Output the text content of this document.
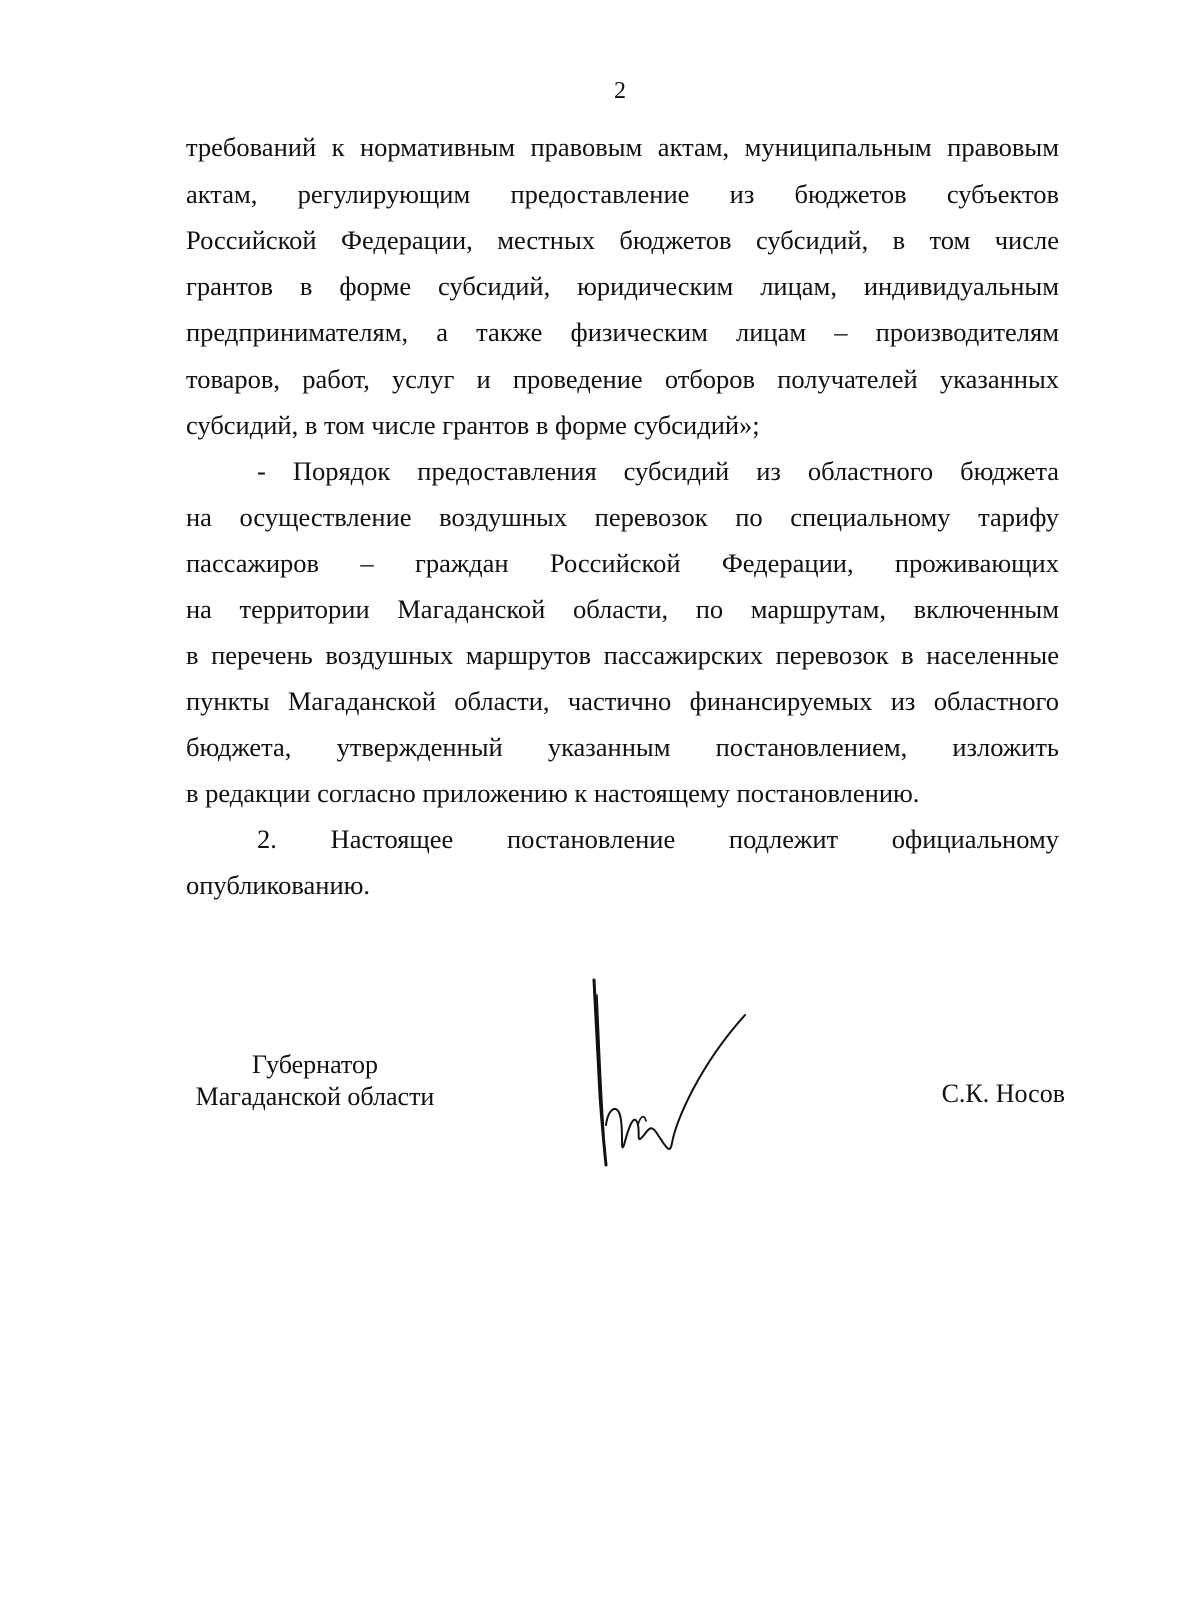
2
требований к нормативным правовым актам, муниципальным правовым
актам, регулирующим предоставление из бюджетов субъектов
Российской Федерации, местных бюджетов субсидий, в том числе
грантов в форме субсидий, юридическим лицам, индивидуальным
предпринимателям, а также физическим лицам – производителям
товаров, работ, услуг и проведение отборов получателей указанных
субсидий, в том числе грантов в форме субсидий»;
- Порядок предоставления субсидий из областного бюджета
на осуществление воздушных перевозок по специальному тарифу
пассажиров – граждан Российской Федерации, проживающих
на территории Магаданской области, по маршрутам, включенным
в перечень воздушных маршрутов пассажирских перевозок в населенные
пункты Магаданской области, частично финансируемых из областного
бюджета, утвержденный указанным постановлением, изложить
в редакции согласно приложению к настоящему постановлению.
2. Настоящее постановление подлежит официальному
опубликованию.
Губернатор
Магаданской области	С.К. Носов
